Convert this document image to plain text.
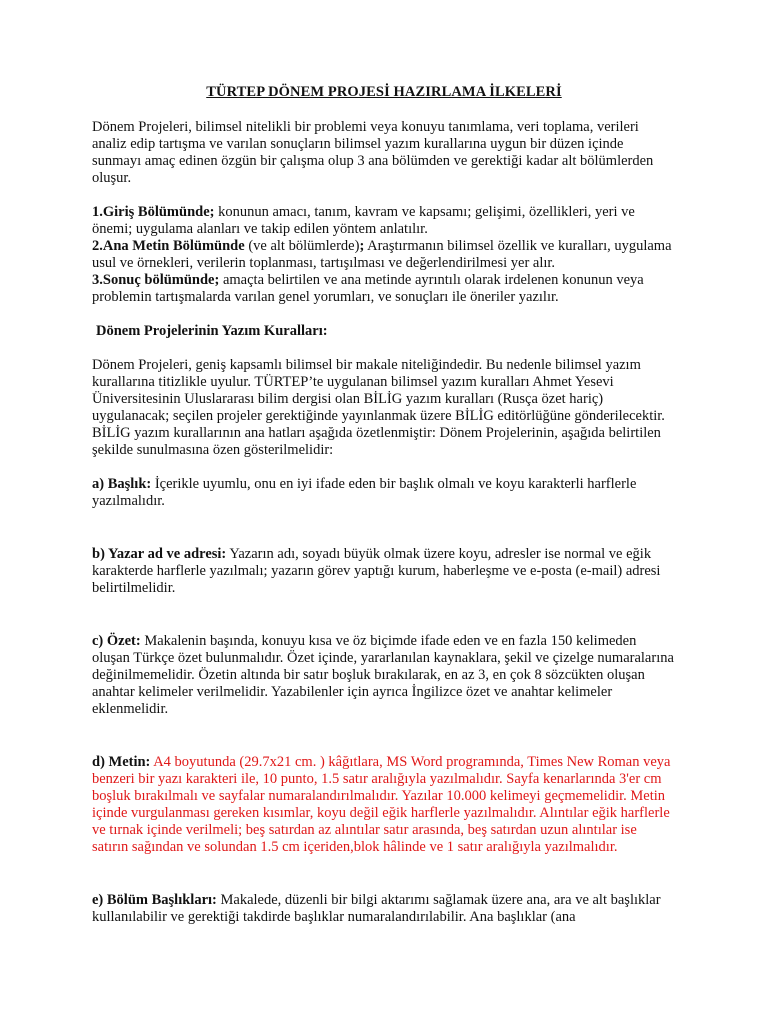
TÜRTEP DÖNEM PROJESİ HAZIRLAMA İLKELERİ

Dönem Projeleri, bilimsel nitelikli bir problemi veya konuyu tanımlama, veri toplama, verileri analiz edip tartışma ve varılan sonuçların bilimsel yazım kurallarına uygun bir düzen içinde sunmayı amaç edinen özgün bir çalışma olup 3 ana bölümden ve gerektiği kadar alt bölümlerden oluşur.

1.Giriş Bölümünde; konunun amacı, tanım, kavram ve kapsamı; gelişimi, özellikleri, yeri ve önemi; uygulama alanları ve takip edilen yöntem anlatılır.

2.Ana Metin Bölümünde (ve alt bölümlerde); Araştırmanın bilimsel özellik ve kuralları, uygulama usul ve örnekleri, verilerin toplanması, tartışılması ve değerlendirilmesi yer alır.

3.Sonuç bölümünde; amaçta belirtilen ve ana metinde ayrıntılı olarak irdelenen konunun veya problemin tartışmalarda varılan genel yorumları, ve sonuçları ile öneriler yazılır.

Dönem Projelerinin Yazım Kuralları:

Dönem Projeleri, geniş kapsamlı bilimsel bir makale niteliğindedir. Bu nedenle bilimsel yazım kurallarına titizlikle uyulur. TÜRTEP’te uygulanan bilimsel yazım kuralları Ahmet Yesevi Üniversitesinin Uluslararası bilim dergisi olan BİLİG yazım kuralları (Rusça özet hariç) uygulanacak; seçilen projeler gerektiğinde yayınlanmak üzere BİLİG editörlüğüne gönderilecektir. BİLİG yazım kurallarının ana hatları aşağıda özetlenmiştir: Dönem Projelerinin, aşağıda belirtilen şekilde sunulmasına özen gösterilmelidir:

a) Başlık: İçerikle uyumlu, onu en iyi ifade eden bir başlık olmalı ve koyu karakterli harflerle yazılmalıdır.

b) Yazar ad ve adresi: Yazarın adı, soyadı büyük olmak üzere koyu, adresler ise normal ve eğik karakterde harflerle yazılmalı; yazarın görev yaptığı kurum, haberleşme ve e-posta (e-mail) adresi belirtilmelidir.

c) Özet: Makalenin başında, konuyu kısa ve öz biçimde ifade eden ve en fazla 150 kelimeden oluşan Türkçe özet bulunmalıdır. Özet içinde, yararlanılan kaynaklara, şekil ve çizelge numaralarına değinilmemelidir. Özetin altında bir satır boşluk bırakılarak, en az 3, en çok 8 sözcükten oluşan anahtar kelimeler verilmelidir. Yazabilenler için ayrıca İngilizce özet ve anahtar kelimeler eklenmelidir.

d) Metin: A4 boyutunda (29.7x21 cm. ) kâğıtlara, MS Word programında, Times New Roman veya benzeri bir yazı karakteri ile, 10 punto, 1.5 satır aralığıyla yazılmalıdır. Sayfa kenarlarında 3'er cm boşluk bırakılmalı ve sayfalar numaralandırılmalıdır. Yazılar 10.000 kelimeyi geçmemelidir. Metin içinde vurgulanması gereken kısımlar, koyu değil eğik harflerle yazılmalıdır. Alıntılar eğik harflerle ve tırnak içinde verilmeli; beş satırdan az alıntılar satır arasında, beş satırdan uzun alıntılar ise satırın sağından ve solundan 1.5 cm içeriden,blok hâlinde ve 1 satır aralığıyla yazılmalıdır.

e) Bölüm Başlıkları: Makalede, düzenli bir bilgi aktarımı sağlamak üzere ana, ara ve alt başlıklar kullanılabilir ve gerektiği takdirde başlıklar numaralandırılabilir. Ana başlıklar (ana
